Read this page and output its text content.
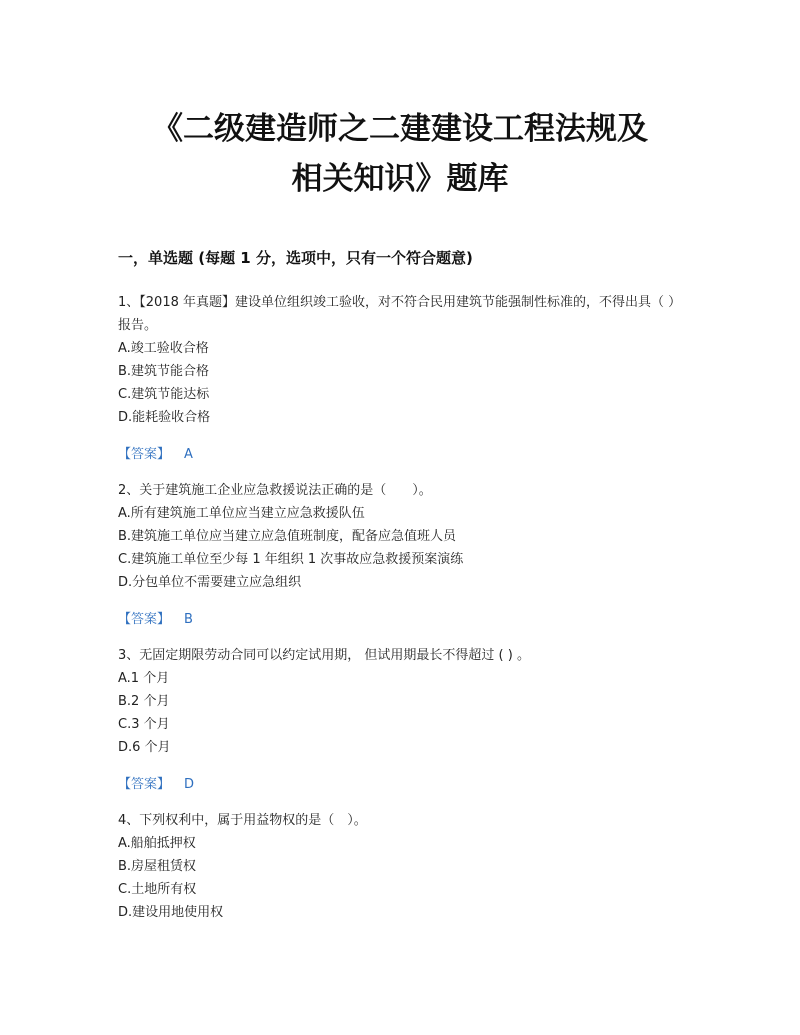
《二级建造师之二建建设工程法规及
相关知识》题库
一，单选题 (每题 1 分，选项中，只有一个符合题意)

1、【2018 年真题】建设单位组织竣工验收，对不符合民用建筑节能强制性标准的，不得出具（ ）报告。

A.竣工验收合格

B.建筑节能合格

C.建筑节能达标

D.能耗验收合格

【答案】 A

2、关于建筑施工企业应急救援说法正确的是（　　）。

A.所有建筑施工单位应当建立应急救援队伍

B.建筑施工单位应当建立应急值班制度，配备应急值班人员

C.建筑施工单位至少每 1 年组织 1 次事故应急救援预案演练

D.分包单位不需要建立应急组织

【答案】 B

3、无固定期限劳动合同可以约定试用期， 但试用期最长不得超过 ( ) 。

A.1 个月

B.2 个月

C.3 个月

D.6 个月

【答案】 D

4、下列权利中，属于用益物权的是（　）。

A.船舶抵押权

B.房屋租赁权

C.土地所有权

D.建设用地使用权
